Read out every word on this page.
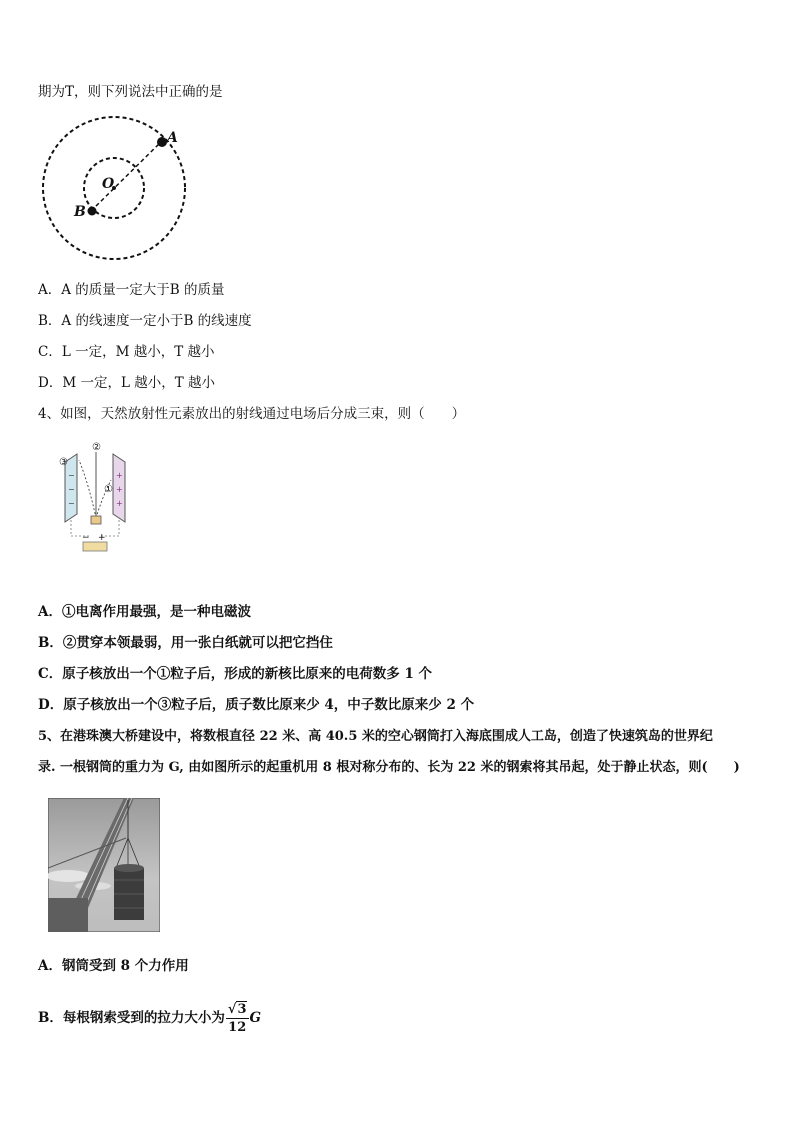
期为T，则下列说法中正确的是
A
O
B
A．A 的质量一定大于B 的质量
B．A 的线速度一定小于B 的线速度
C．L 一定，M 越小，T 越小
D．M 一定，L 越小，T 越小
4、如图，天然放射性元素放出的射线通过电场后分成三束，则（　　）
−
−
−
+
+
+
③
②
①
− +
A．①电离作用最强，是一种电磁波
B．②贯穿本领最弱，用一张白纸就可以把它挡住
C．原子核放出一个①粒子后，形成的新核比原来的电荷数多 1 个
D．原子核放出一个③粒子后，质子数比原来少 4，中子数比原来少 2 个
5、在港珠澳大桥建设中，将数根直径 22 米、高 40.5 米的空心钢筒打入海底围成人工岛，创造了快速筑岛的世界纪
录. 一根钢筒的重力为 G, 由如图所示的起重机用 8 根对称分布的、长为 22 米的钢索将其吊起，处于静止状态，则(　　)
A．钢筒受到 8 个力作用
B．每根钢索受到的拉力大小为 $\frac{√3}{12}$ G
